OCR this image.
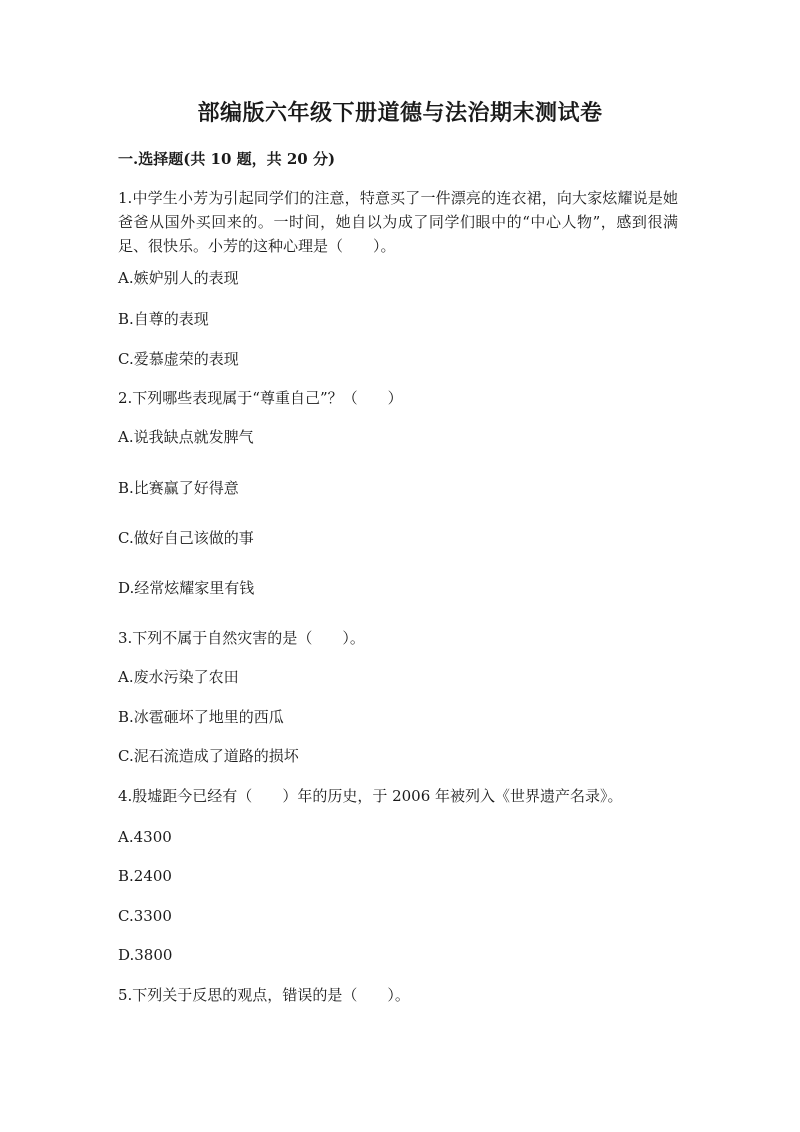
部编版六年级下册道德与法治期末测试卷
一.选择题(共 10 题，共 20 分)
1.中学生小芳为引起同学们的注意，特意买了一件漂亮的连衣裙，向大家炫耀说是她爸爸从国外买回来的。一时间，她自以为成了同学们眼中的“中心人物”，感到很满足、很快乐。小芳的这种心理是（　　）。
A.嫉妒别人的表现
B.自尊的表现
C.爱慕虚荣的表现
2.下列哪些表现属于“尊重自己”？（　　）
A.说我缺点就发脾气
B.比赛赢了好得意
C.做好自己该做的事
D.经常炫耀家里有钱
3.下列不属于自然灾害的是（　　）。
A.废水污染了农田
B.冰雹砸坏了地里的西瓜
C.泥石流造成了道路的损坏
4.殷墟距今已经有（　　）年的历史，于 2006 年被列入《世界遗产名录》。
A.4300
B.2400
C.3300
D.3800
5.下列关于反思的观点，错误的是（　　）。
